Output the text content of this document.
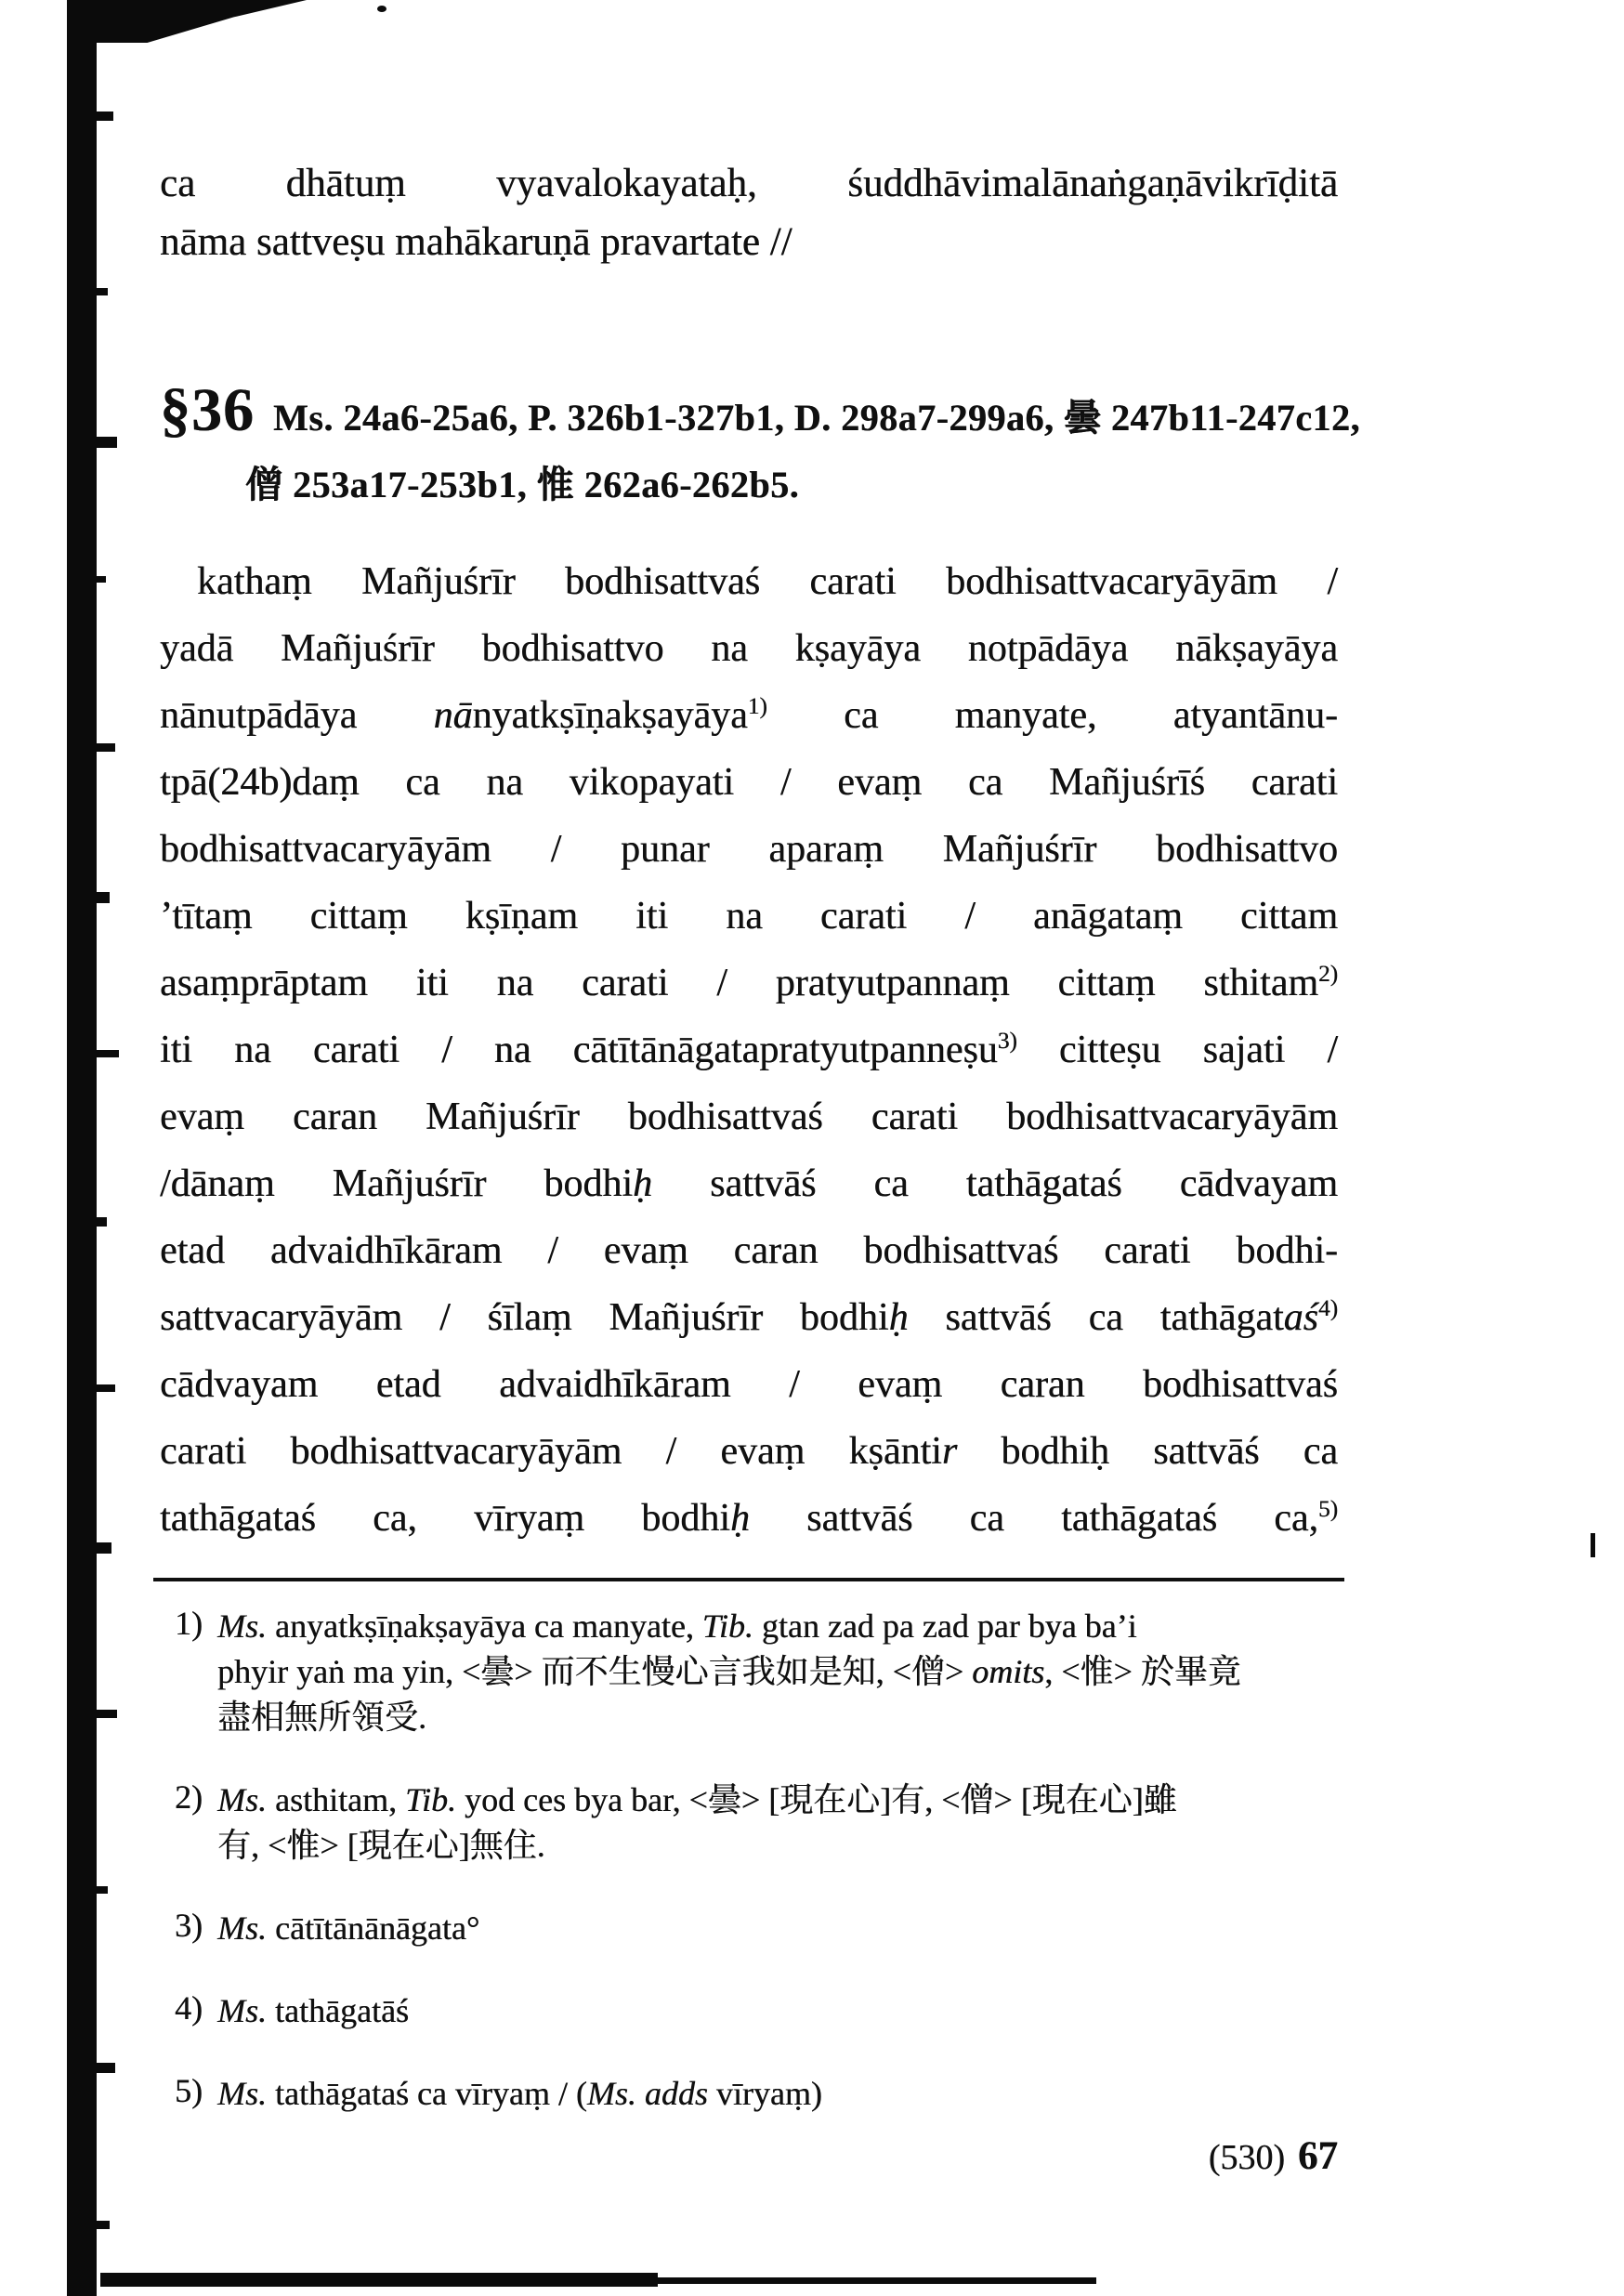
ca dhātuṃ vyavalokayataḥ, śuddhāvimalānaṅgaṇāvikrīḍitā
nāma sattveṣu mahākaruṇā pravartate //
§36 Ms. 24a6-25a6, P. 326b1-327b1, D. 298a7-299a6, 曇 247b11-247c12,
僧 253a17-253b1, 惟 262a6-262b5.
kathaṃ Mañjuśrīr bodhisattvaś carati bodhisattvacaryāyām /
yadā Mañjuśrīr bodhisattvo na kṣayāya notpādāya nākṣayāya
nānutpādāya nānyatkṣīṇakṣayāya$^{1)}$ ca manyate, atyantānu-
tpā(24b)daṃ ca na vikopayati / evaṃ ca Mañjuśrīś carati
bodhisattvacaryāyām / punar aparaṃ Mañjuśrīr bodhisattvo
’tītaṃ cittaṃ kṣīṇam iti na carati / anāgataṃ cittam
asaṃprāptam iti na carati / pratyutpannaṃ cittaṃ sthitam$^{2)}$
iti na carati / na cātītānāgatapratyutpanneṣu$^{3)}$ citteṣu sajati /
evaṃ caran Mañjuśrīr bodhisattvaś carati bodhisattvacaryāyām
/dānaṃ Mañjuśrīr bodhiḥ sattvāś ca tathāgataś cādvayam
etad advaidhīkāram / evaṃ caran bodhisattvaś carati bodhi-
sattvacaryāyām / śīlaṃ Mañjuśrīr bodhiḥ sattvāś ca tathāgataś$^{4)}$
cādvayam etad advaidhīkāram / evaṃ caran bodhisattvaś
carati bodhisattvacaryāyām / evaṃ kṣāntir bodhiḥ sattvāś ca
tathāgataś ca, vīryaṃ bodhiḥ sattvāś ca tathāgataś ca,$^{5)}$
1) Ms. anyatkṣīṇakṣayāya ca manyate, Tib. gtan zad pa zad par bya ba’i
phyir yaṅ ma yin, <曇> 而不生慢心言我如是知, <僧> omits, <惟> 於畢竟
盡相無所領受.
2) Ms. asthitam, Tib. yod ces bya bar, <曇> [現在心]有, <僧> [現在心]雖
有, <惟> [現在心]無住.
3) Ms. cātītānānāgata°
4) Ms. tathāgatāś
5) Ms. tathāgataś ca vīryaṃ / (Ms. adds vīryaṃ)
(530) 67
